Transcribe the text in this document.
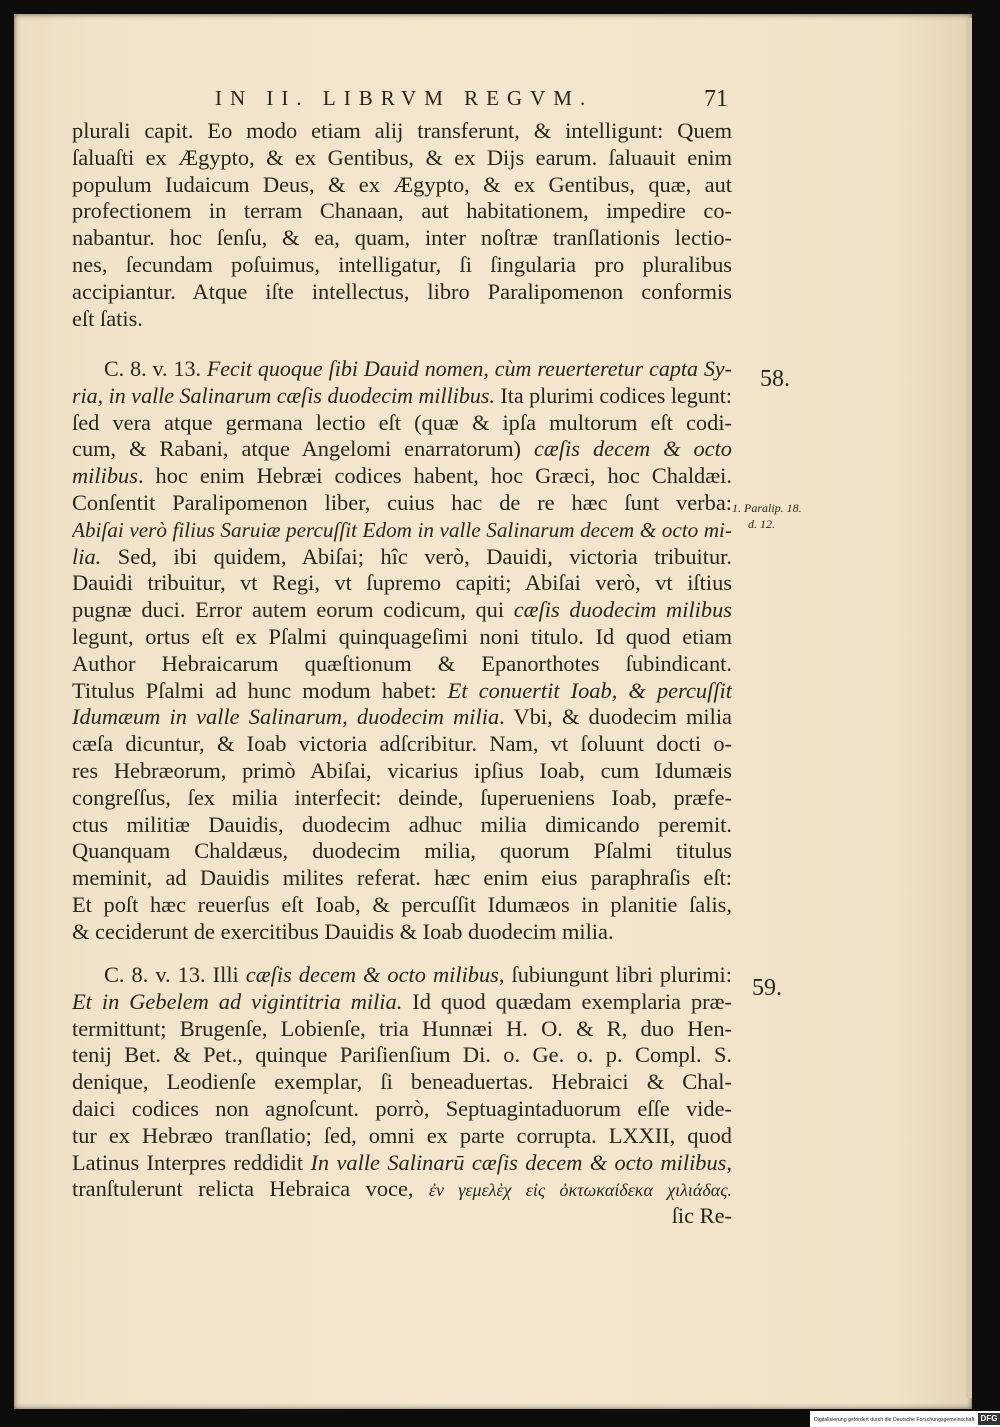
IN II. LIBRVM REGVM.	71
plurali capit. Eo modo etiam alij transferunt, & intelligunt: Quem
ſaluaſti ex Ægypto, & ex Gentibus, & ex Dijs earum. ſaluauit enim
populum Iudaicum Deus, & ex Ægypto, & ex Gentibus, quæ, aut
profectionem in terram Chanaan, aut habitationem, impedire co-
nabantur. hoc ſenſu, & ea, quam, inter noſtræ tranſlationis lectio-
nes, ſecundam poſuimus, intelligatur, ſi ſingularia pro pluralibus
accipiantur. Atque iſte intellectus, libro Paralipomenon conformis
eſt ſatis.
58.
1. Paralip. 18.
d. 12.
C. 8. v. 13. Fecit quoque ſibi Dauid nomen, cùm reuerteretur capta Sy-
ria, in valle Salinarum cæſis duodecim millibus. Ita plurimi codices legunt:
ſed vera atque germana lectio eſt (quæ & ipſa multorum eſt codi-
cum, & Rabani, atque Angelomi enarratorum) cæſis decem & octo
milibus. hoc enim Hebræi codices habent, hoc Græci, hoc Chaldæi.
Conſentit Paralipomenon liber, cuius hac de re hæc ſunt verba:
Abiſai verò filius Saruiæ percuſſit Edom in valle Salinarum decem & octo mi-
lia. Sed, ibi quidem, Abiſai; hîc verò, Dauidi, victoria tribuitur.
Dauidi tribuitur, vt Regi, vt ſupremo capiti; Abiſai verò, vt iſtius
pugnæ duci. Error autem eorum codicum, qui cæſis duodecim milibus
legunt, ortus eſt ex Pſalmi quinquageſimi noni titulo. Id quod etiam
Author Hebraicarum quæſtionum & Epanorthotes ſubindicant.
Titulus Pſalmi ad hunc modum habet: Et conuertit Ioab, & percuſſit
Idumæum in valle Salinarum, duodecim milia. Vbi, & duodecim milia
cæſa dicuntur, & Ioab victoria adſcribitur. Nam, vt ſoluunt docti o-
res Hebræorum, primò Abiſai, vicarius ipſius Ioab, cum Idumæis
congreſſus, ſex milia interfecit: deinde, ſuperueniens Ioab, præfe-
ctus militiæ Dauidis, duodecim adhuc milia dimicando peremit.
Quanquam Chaldæus, duodecim milia, quorum Pſalmi titulus
meminit, ad Dauidis milites referat. hæc enim eius paraphraſis eſt:
Et poſt hæc reuerſus eſt Ioab, & percuſſit Idumæos in planitie ſalis,
& ceciderunt de exercitibus Dauidis & Ioab duodecim milia.
59.
C. 8. v. 13. Illi cæſis decem & octo milibus, ſubiungunt libri plurimi:
Et in Gebelem ad vigintitria milia. Id quod quædam exemplaria præ-
termittunt; Brugenſe, Lobienſe, tria Hunnæi H. O. & R, duo Hen-
tenij Bet. & Pet., quinque Pariſienſium Di. o. Ge. o. p. Compl. S.
denique, Leodienſe exemplar, ſi beneaduertas. Hebraici & Chal-
daici codices non agnoſcunt. porrò, Septuagintaduorum eſſe vide-
tur ex Hebræo tranſlatio; ſed, omni ex parte corrupta. LXXII, quod
Latinus Interpres reddidit In valle Salinarū cæſis decem & octo milibus,
tranſtulerunt relicta Hebraica voce, ἐν γεμελὲχ εἰς ὀκτωκαίδεκα χιλιάδας.
ſic Re-
Digitalisierung gefördert durch die Deutsche Forschungsgemeinschaft DFG
